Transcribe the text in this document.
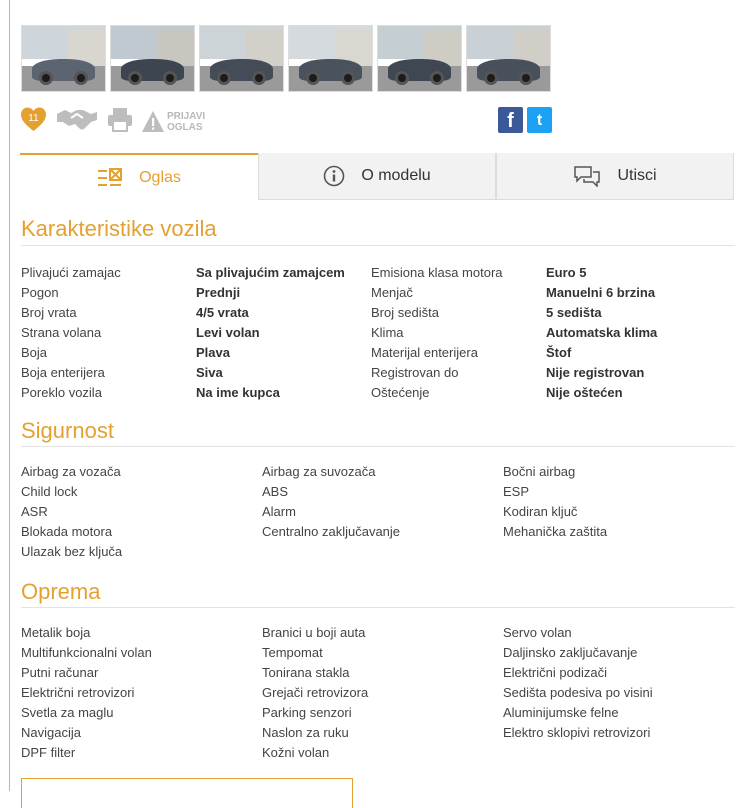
11	PRIJAVI
OGLAS	f	t
Oglas	O modelu	Utisci
Karakteristike vozila
Plivajući zamajac	Sa plivajućim zamajcem	Emisiona klasa motora	Euro 5
Pogon	Prednji	Menjač	Manuelni 6 brzina
Broj vrata	4/5 vrata	Broj sedišta	5 sedišta
Strana volana	Levi volan	Klima	Automatska klima
Boja	Plava	Materijal enterijera	Štof
Boja enterijera	Siva	Registrovan do	Nije registrovan
Poreklo vozila	Na ime kupca	Oštećenje	Nije oštećen
Sigurnost
Airbag za vozača	Airbag za suvozača	Bočni airbag
Child lock	ABS	ESP
ASR	Alarm	Kodiran ključ
Blokada motora	Centralno zaključavanje	Mehanička zaštita
Ulazak bez ključa
Oprema
Metalik boja	Branici u boji auta	Servo volan
Multifunkcionalni volan	Tempomat	Daljinsko zaključavanje
Putni računar	Tonirana stakla	Električni podizači
Električni retrovizori	Grejači retrovizora	Sedišta podesiva po visini
Svetla za maglu	Parking senzori	Aluminijumske felne
Navigacija	Naslon za ruku	Elektro sklopivi retrovizori
DPF filter	Kožni volan
